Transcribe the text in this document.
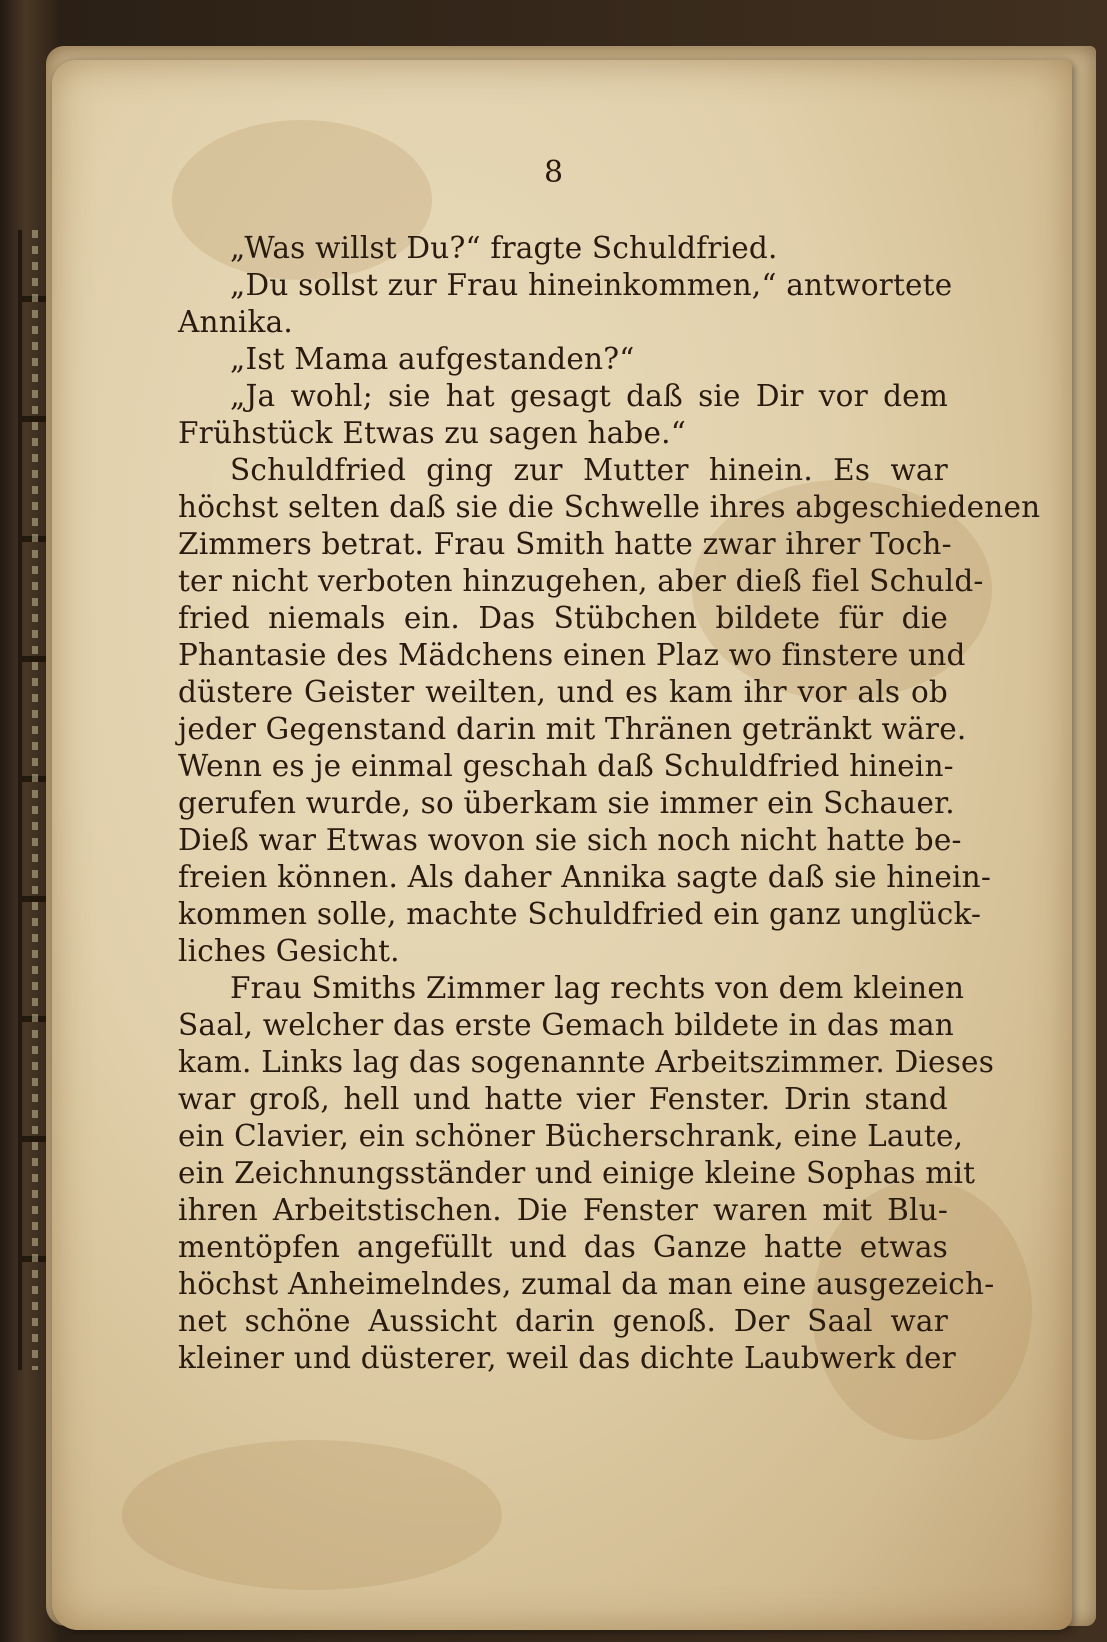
8
„Was willst Du?“ fragte Schuldfried.
„Du sollst zur Frau hineinkommen,“ antwortete
Annika.
„Ist Mama aufgestanden?“
„Ja wohl; sie hat gesagt daß sie Dir vor dem
Frühstück Etwas zu sagen habe.“
Schuldfried ging zur Mutter hinein. Es war
höchst selten daß sie die Schwelle ihres abgeschiedenen
Zimmers betrat. Frau Smith hatte zwar ihrer Toch-
ter nicht verboten hinzugehen, aber dieß fiel Schuld-
fried niemals ein. Das Stübchen bildete für die
Phantasie des Mädchens einen Plaz wo finstere und
düstere Geister weilten, und es kam ihr vor als ob
jeder Gegenstand darin mit Thränen getränkt wäre.
Wenn es je einmal geschah daß Schuldfried hinein-
gerufen wurde, so überkam sie immer ein Schauer.
Dieß war Etwas wovon sie sich noch nicht hatte be-
freien können. Als daher Annika sagte daß sie hinein-
kommen solle, machte Schuldfried ein ganz unglück-
liches Gesicht.
Frau Smiths Zimmer lag rechts von dem kleinen
Saal, welcher das erste Gemach bildete in das man
kam. Links lag das sogenannte Arbeitszimmer. Dieses
war groß, hell und hatte vier Fenster. Drin stand
ein Clavier, ein schöner Bücherschrank, eine Laute,
ein Zeichnungsständer und einige kleine Sophas mit
ihren Arbeitstischen. Die Fenster waren mit Blu-
mentöpfen angefüllt und das Ganze hatte etwas
höchst Anheimelndes, zumal da man eine ausgezeich-
net schöne Aussicht darin genoß. Der Saal war
kleiner und düsterer, weil das dichte Laubwerk der
